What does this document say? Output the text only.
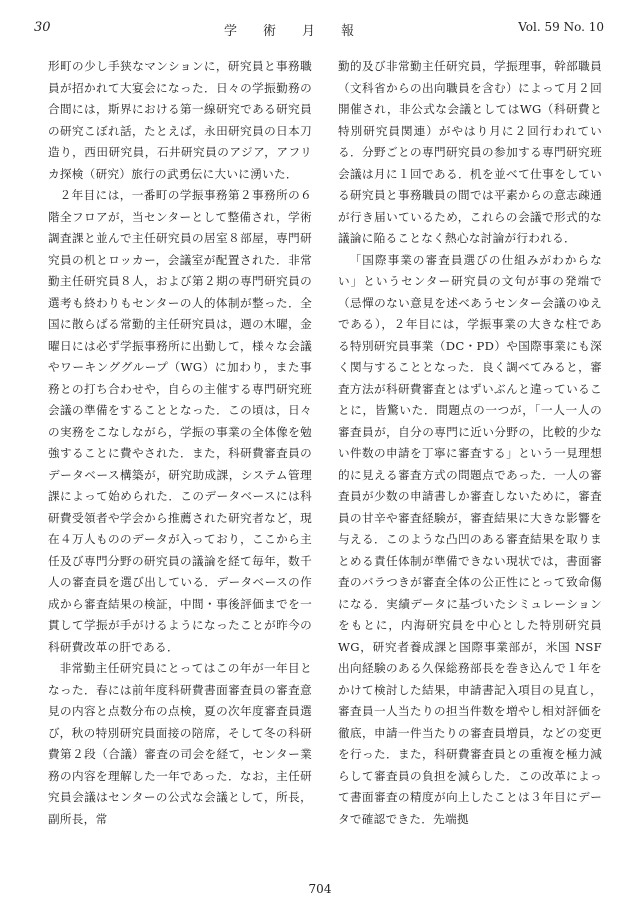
30	学術月報	Vol. 59 No. 10

形町の少し手狭なマンションに，研究員と事務職員が招かれて大宴会になった．日々の学振勤務の合間には，斯界における第一線研究である研究員の研究こぼれ話，たとえば，永田研究員の日本刀造り，西田研究員，石井研究員のアジア，アフリカ探検（研究）旅行の武勇伝に大いに湧いた．

２年目には，一番町の学振事務第２事務所の６階全フロアが，当センターとして整備され，学術調査課と並んで主任研究員の居室８部屋，専門研究員の机とロッカー，会議室が配置された．非常勤主任研究員８人，および第２期の専門研究員の選考も終わりもセンターの人的体制が整った．全国に散らばる常勤的主任研究員は，週の木曜，金曜日には必ず学振事務所に出勤して，様々な会議やワーキンググループ（WG）に加わり，また事務との打ち合わせや，自らの主催する専門研究班会議の準備をすることとなった．この頃は，日々の実務をこなしながら，学振の事業の全体像を勉強することに費やされた．また，科研費審査員のデータベース構築が，研究助成課，システム管理課によって始められた．このデータベースには科研費受領者や学会から推薦された研究者など，現在４万人もののデータが入っており，ここから主任及び専門分野の研究員の議論を経て毎年，数千人の審査員を選び出している．データベースの作成から審査結果の検証，中間・事後評価までを一貫して学振が手がけるようになったことが昨今の科研費改革の肝である．

非常勤主任研究員にとってはこの年が一年目となった．春には前年度科研費書面審査員の審査意見の内容と点数分布の点検，夏の次年度審査員選び，秋の特別研究員面接の陪席，そして冬の科研費第２段（合議）審査の司会を経て，センター業務の内容を理解した一年であった．なお，主任研究員会議はセンターの公式な会議として，所長，副所長，常

勤的及び非常勤主任研究員，学振理事，幹部職員（文科省からの出向職員を含む）によって月２回開催され，非公式な会議としてはWG（科研費と特別研究員関連）がやはり月に２回行われている．分野ごとの専門研究員の参加する専門研究班会議は月に１回である．机を並べて仕事をしている研究員と事務職員の間では平素からの意志疎通が行き届いているため，これらの会議で形式的な議論に陥ることなく熱心な討論が行われる．

「国際事業の審査員選びの仕組みがわからない」というセンター研究員の文句が事の発端で（忌憚のない意見を述べあうセンター会議のゆえである），２年目には，学振事業の大きな柱である特別研究員事業（DC・PD）や国際事業にも深く関与することとなった．良く調べてみると，審査方法が科研費審査とはずいぶんと違っていることに，皆驚いた．問題点の一つが，「一人一人の審査員が，自分の専門に近い分野の，比較的少ない件数の申請を丁寧に審査する」という一見理想的に見える審査方式の問題点であった．一人の審査員が少数の申請書しか審査しないために，審査員の甘辛や審査経験が，審査結果に大きな影響を与える．このような凸凹のある審査結果を取りまとめる責任体制が準備できない現状では，書面審査のバラつきが審査全体の公正性にとって致命傷になる．実績データに基づいたシミュレーションをもとに，内海研究員を中心とした特別研究員 WG，研究者養成課と国際事業部が，米国 NSF 出向経験のある久保総務部長を巻き込んで１年をかけて検討した結果，申請書記入項目の見直し，審査員一人当たりの担当件数を増やし相対評価を徹底，申請一件当たりの審査員増員，などの変更を行った．また，科研費審査員との重複を極力減らして審査員の負担を減らした．この改革によって書面審査の精度が向上したことは３年目にデータで確認できた．先端拠

704
